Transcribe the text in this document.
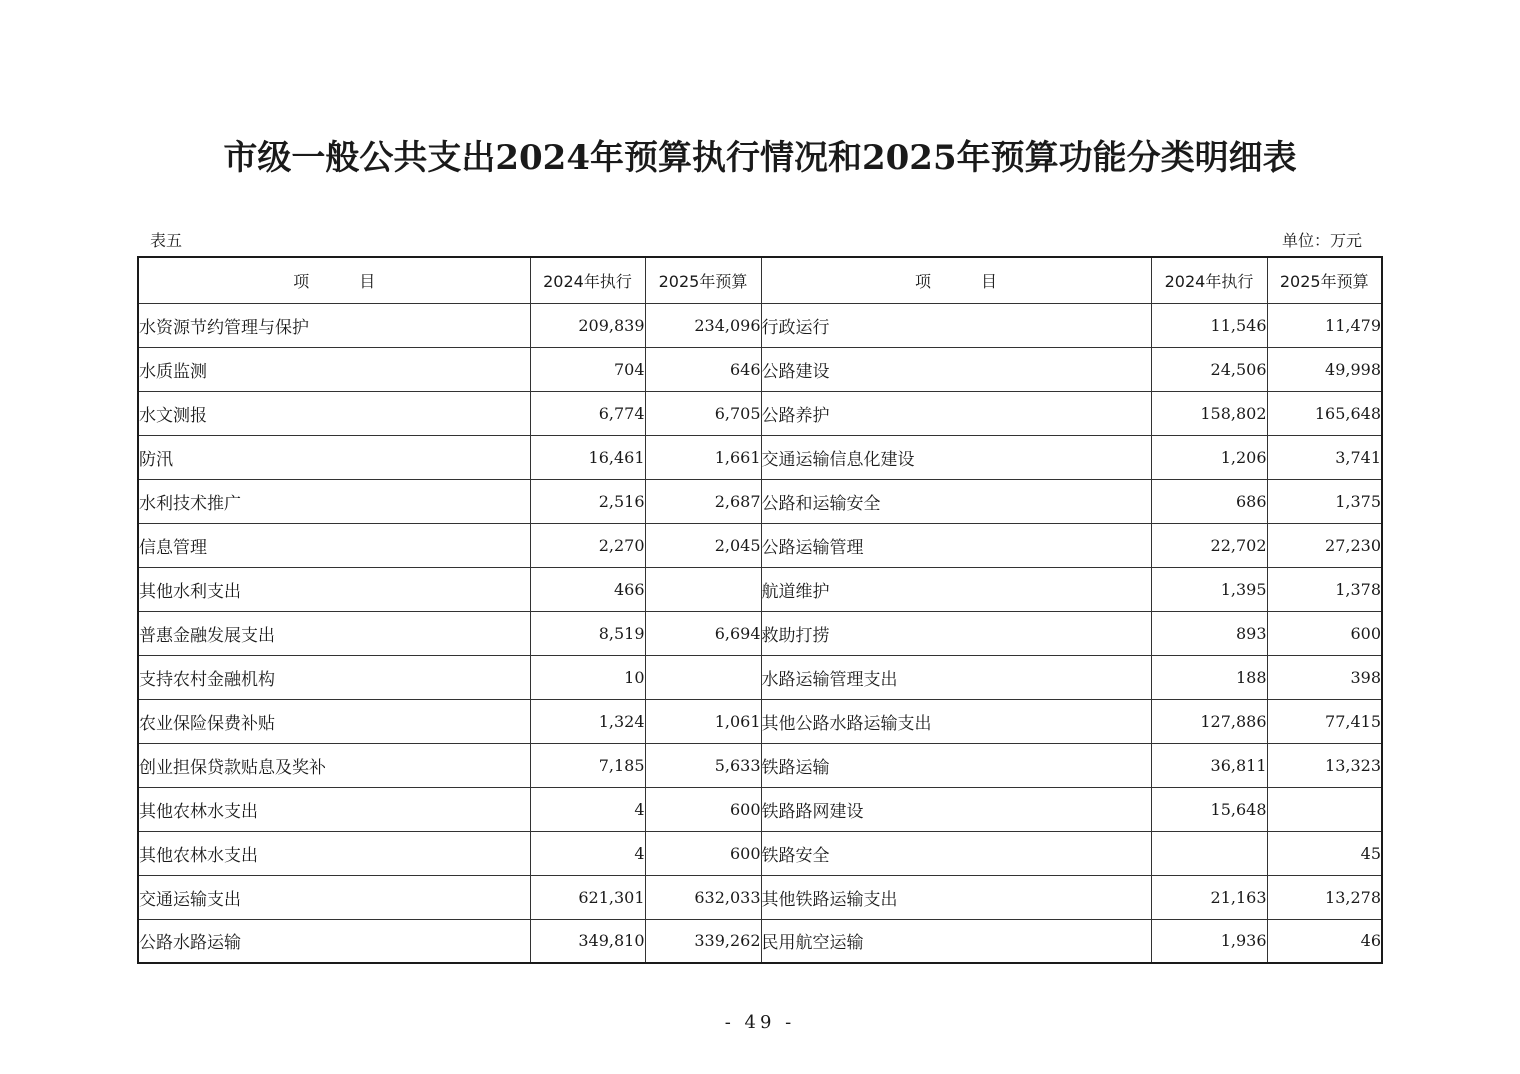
市级一般公共支出2024年预算执行情况和2025年预算功能分类明细表
表五	单位：万元
项 目	2024年执行	2025年预算	项 目	2024年执行	2025年预算
水资源节约管理与保护	209,839	234,096	行政运行	11,546	11,479
水质监测	704	646	公路建设	24,506	49,998
水文测报	6,774	6,705	公路养护	158,802	165,648
防汛	16,461	1,661	交通运输信息化建设	1,206	3,741
水利技术推广	2,516	2,687	公路和运输安全	686	1,375
信息管理	2,270	2,045	公路运输管理	22,702	27,230
其他水利支出	466		航道维护	1,395	1,378
普惠金融发展支出	8,519	6,694	救助打捞	893	600
支持农村金融机构	10		水路运输管理支出	188	398
农业保险保费补贴	1,324	1,061	其他公路水路运输支出	127,886	77,415
创业担保贷款贴息及奖补	7,185	5,633	铁路运输	36,811	13,323
其他农林水支出	4	600	铁路路网建设	15,648	
其他农林水支出	4	600	铁路安全		45
交通运输支出	621,301	632,033	其他铁路运输支出	21,163	13,278
公路水路运输	349,810	339,262	民用航空运输	1,936	46
- 49 -
